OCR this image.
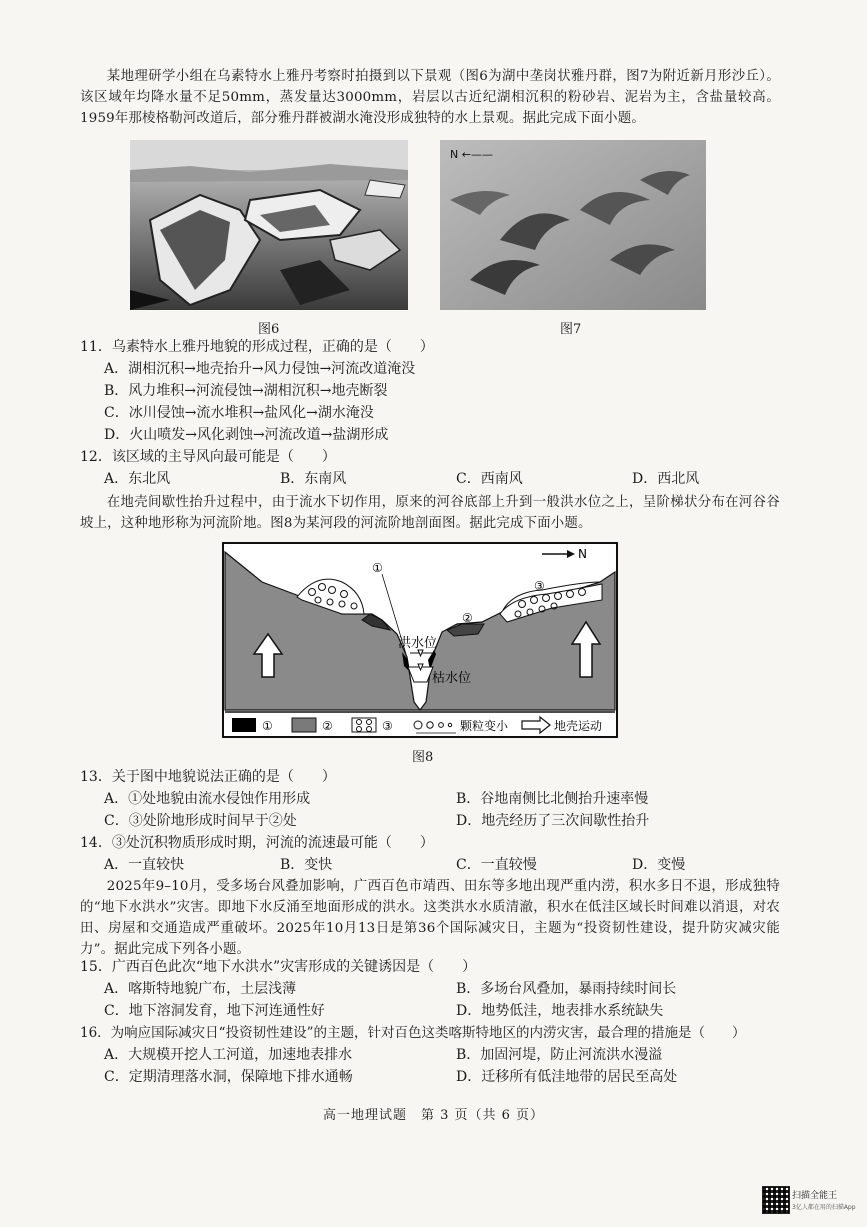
某地理研学小组在乌素特水上雅丹考察时拍摄到以下景观（图6为湖中垄岗状雅丹群，图7为附近新月形沙丘）。该区域年均降水量不足50mm，蒸发量达3000mm，岩层以古近纪湖相沉积的粉砂岩、泥岩为主，含盐量较高。1959年那棱格勒河改道后，部分雅丹群被湖水淹没形成独特的水上景观。据此完成下面小题。
图6
N ←——
图7
11．乌素特水上雅丹地貌的形成过程，正确的是（　　）
A．湖相沉积→地壳抬升→风力侵蚀→河流改道淹没
B．风力堆积→河流侵蚀→湖相沉积→地壳断裂
C．冰川侵蚀→流水堆积→盐风化→湖水淹没
D．火山喷发→风化剥蚀→河流改道→盐湖形成
12．该区域的主导风向最可能是（　　）
A．东北风	B．东南风	C．西南风	D．西北风
在地壳间歇性抬升过程中，由于流水下切作用，原来的河谷底部上升到一般洪水位之上，呈阶梯状分布在河谷谷坡上，这种地形称为河流阶地。图8为某河段的河流阶地剖面图。据此完成下面小题。
①
②
③
洪水位
枯水位
N
①	②	③	颗粒变小	地壳运动
图8
13．关于图中地貌说法正确的是（　　）
A．①处地貌由流水侵蚀作用形成	B．谷地南侧比北侧抬升速率慢
C．③处阶地形成时间早于②处	D．地壳经历了三次间歇性抬升
14．③处沉积物质形成时期，河流的流速最可能（　　）
A．一直较快	B．变快	C．一直较慢	D．变慢
2025年9–10月，受多场台风叠加影响，广西百色市靖西、田东等多地出现严重内涝，积水多日不退，形成独特的“地下水洪水”灾害。即地下水反涌至地面形成的洪水。这类洪水水质清澈，积水在低洼区域长时间难以消退，对农田、房屋和交通造成严重破坏。2025年10月13日是第36个国际减灾日，主题为“投资韧性建设，提升防灾减灾能力”。据此完成下列各小题。
15．广西百色此次“地下水洪水”灾害形成的关键诱因是（　　）
A．喀斯特地貌广布，土层浅薄	B．多场台风叠加，暴雨持续时间长
C．地下溶洞发育，地下河连通性好	D．地势低洼，地表排水系统缺失
16．为响应国际减灾日“投资韧性建设”的主题，针对百色这类喀斯特地区的内涝灾害，最合理的措施是（　　）
A．大规模开挖人工河道，加速地表排水	B．加固河堤，防止河流洪水漫溢
C．定期清理落水洞，保障地下排水通畅	D．迁移所有低洼地带的居民至高处
高一地理试题　第 3 页（共 6 页）
扫描全能王
3亿人都在用的扫描App
